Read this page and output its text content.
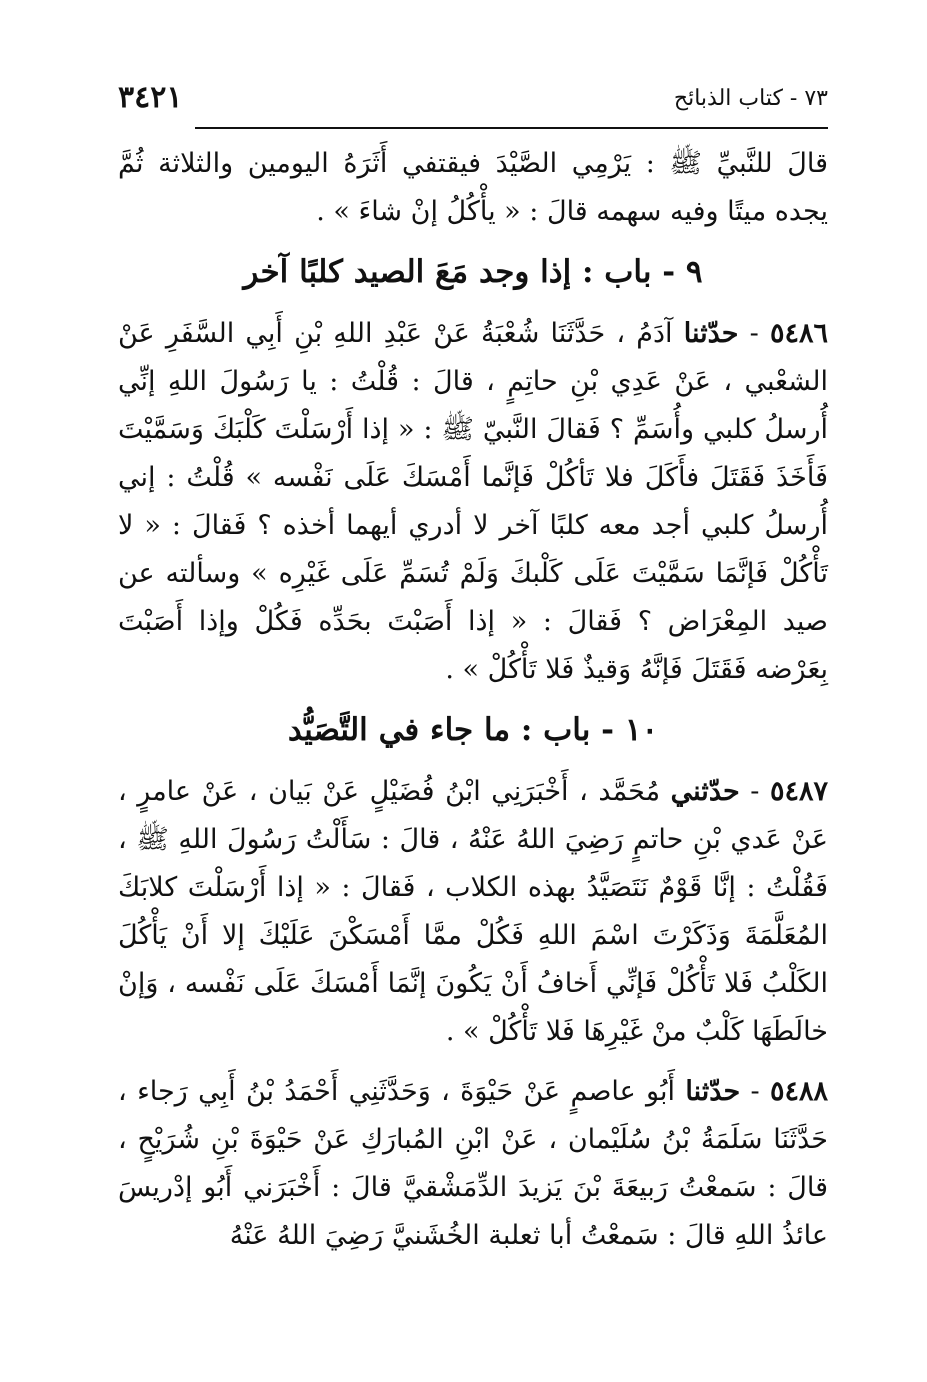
٣٤٢١	٧٣ - كتاب الذبائح

قالَ للنَّبيِّ ﷺ : يَرْمِي الصَّيْدَ فيقتفي أَثَرَهُ اليومين والثلاثة ثُمَّ يجده ميتًا وفيه سهمه قالَ : « يأْكُلُ إنْ شاءَ » .

٩ - باب : إذا وجد مَعَ الصيد كلبًا آخر

٥٤٨٦ - حدّثنا آدَمُ ، حَدَّثَنَا شُعْبَةُ عَنْ عَبْدِ اللهِ بْنِ أَبِي السَّفَرِ عَنْ الشعْبي ، عَنْ عَدِي بْنِ حاتِمٍ ، قالَ : قُلْتُ : يا رَسُولَ اللهِ إنِّي أُرسلُ كلبي وأُسَمِّ ؟ فَقالَ النَّبيّ ﷺ : « إذا أَرْسَلْتَ كَلْبَكَ وَسَمَّيْتَ فَأَخَذَ فَقَتَلَ فأَكَلَ فلا تَأكُلْ فَإنَّما أَمْسَكَ عَلَى نَفْسه » قُلْتُ : إني أُرسلُ كلبي أجد معه كلبًا آخر لا أدري أيهما أخذه ؟ فَقالَ : « لا تَأْكُلْ فَإنَّمَا سَمَّيْتَ عَلَى كَلْبكَ وَلَمْ تُسَمِّ عَلَى غَيْرِه » وسألته عن صيد المِعْرَاض ؟ فَقالَ : « إذا أَصَبْتَ بحَدِّه فَكُلْ وإذا أَصَبْتَ بِعَرْضه فَقَتَلَ فَإنَّهُ وَقيذٌ فَلا تَأْكُلْ » .

١٠ - باب : ما جاء في التَّصَيُّد

٥٤٨٧ - حدّثني مُحَمَّد ، أَخْبَرَنِي ابْنُ فُضَيْلٍ عَنْ بَيان ، عَنْ عامرٍ ، عَنْ عَدي بْنِ حاتمٍ رَضِيَ اللهُ عَنْهُ ، قالَ : سَأَلْتُ رَسُولَ اللهِ ﷺ ، فَقُلْتُ : إنَّا قَوْمٌ نَتَصَيَّدُ بهذه الكلاب ، فَقالَ : « إذا أَرْسَلْتَ كلابَكَ المُعَلَّمَةَ وَذَكَرْتَ اسْمَ اللهِ فَكُلْ ممَّا أَمْسَكْنَ عَلَيْكَ إلا أَنْ يَأْكُلَ الكَلْبُ فَلا تَأْكُلْ فَإنِّي أَخافُ أَنْ يَكُونَ إنَّمَا أَمْسَكَ عَلَى نَفْسه ، وَإنْ خالَطَهَا كَلْبٌ منْ غَيْرِهَا فَلا تَأْكُلْ » .

٥٤٨٨ - حدّثنا أَبُو عاصمٍ عَنْ حَيْوَةَ ، وَحَدَّثَنِي أَحْمَدُ بْنُ أَبِي رَجاء ، حَدَّثَنَا سَلَمَةُ بْنُ سُلَيْمان ، عَنْ ابْنِ المُبارَكِ عَنْ حَيْوَةَ بْنِ شُرَيْحٍ ، قالَ : سَمعْتُ رَبيعَةَ بْنَ يَزيدَ الدِّمَشْقيَّ قالَ : أَخْبَرَني أَبُو إدْريسَ عائذُ اللهِ قالَ : سَمعْتُ أبا ثعلبة الخُشَنيَّ رَضِيَ اللهُ عَنْهُ
